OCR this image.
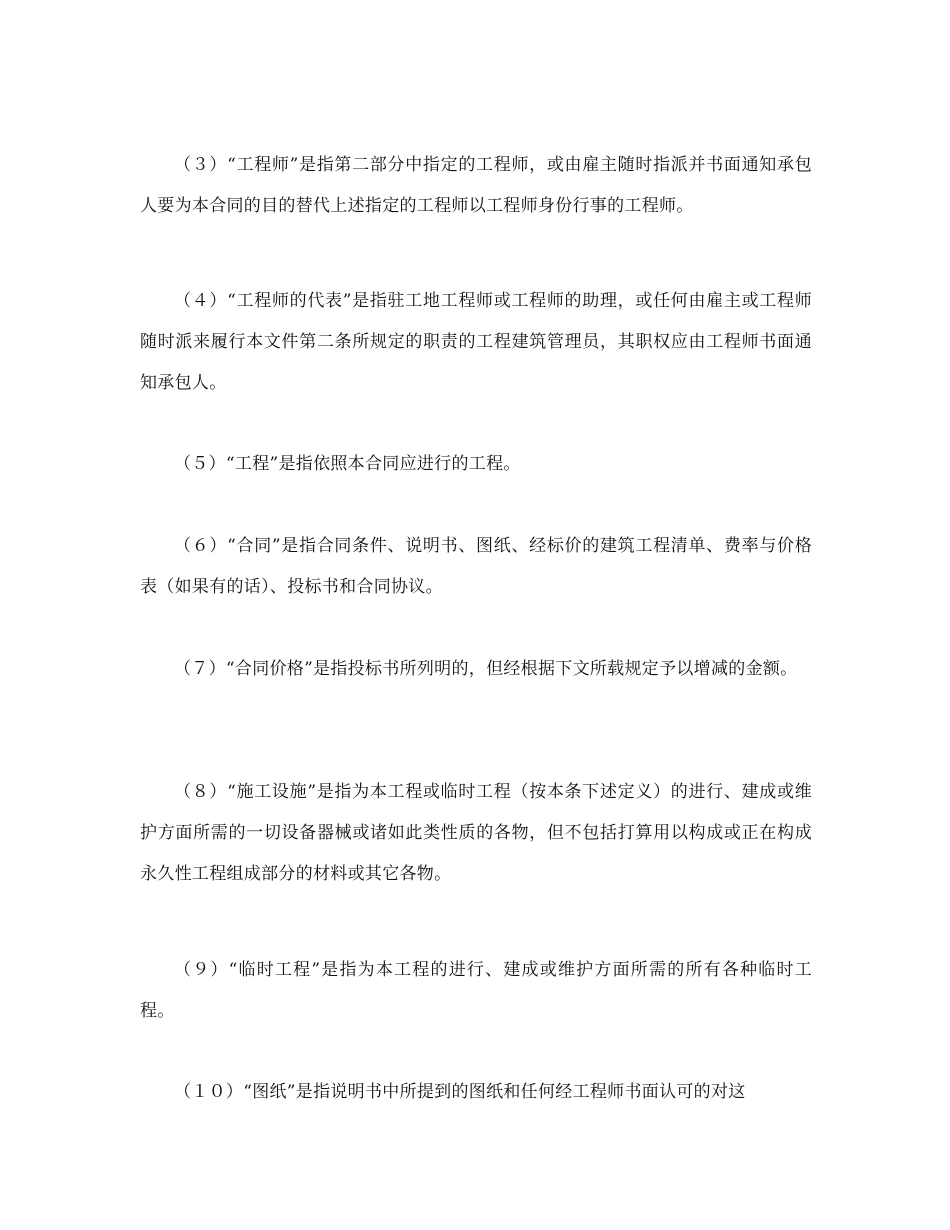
（３）“工程师”是指第二部分中指定的工程师，或由雇主随时指派并书面通知承包人要为本合同的目的替代上述指定的工程师以工程师身份行事的工程师。

（４）“工程师的代表”是指驻工地工程师或工程师的助理，或任何由雇主或工程师随时派来履行本文件第二条所规定的职责的工程建筑管理员，其职权应由工程师书面通知承包人。

（５）“工程”是指依照本合同应进行的工程。

（６）“合同”是指合同条件、说明书、图纸、经标价的建筑工程清单、费率与价格表（如果有的话）、投标书和合同协议。

（７）“合同价格”是指投标书所列明的，但经根据下文所载规定予以增减的金额。

（８）“施工设施”是指为本工程或临时工程（按本条下述定义）的进行、建成或维护方面所需的一切设备器械或诸如此类性质的各物，但不包括打算用以构成或正在构成永久性工程组成部分的材料或其它各物。

（９）“临时工程”是指为本工程的进行、建成或维护方面所需的所有各种临时工程。

（１０）“图纸”是指说明书中所提到的图纸和任何经工程师书面认可的对这
